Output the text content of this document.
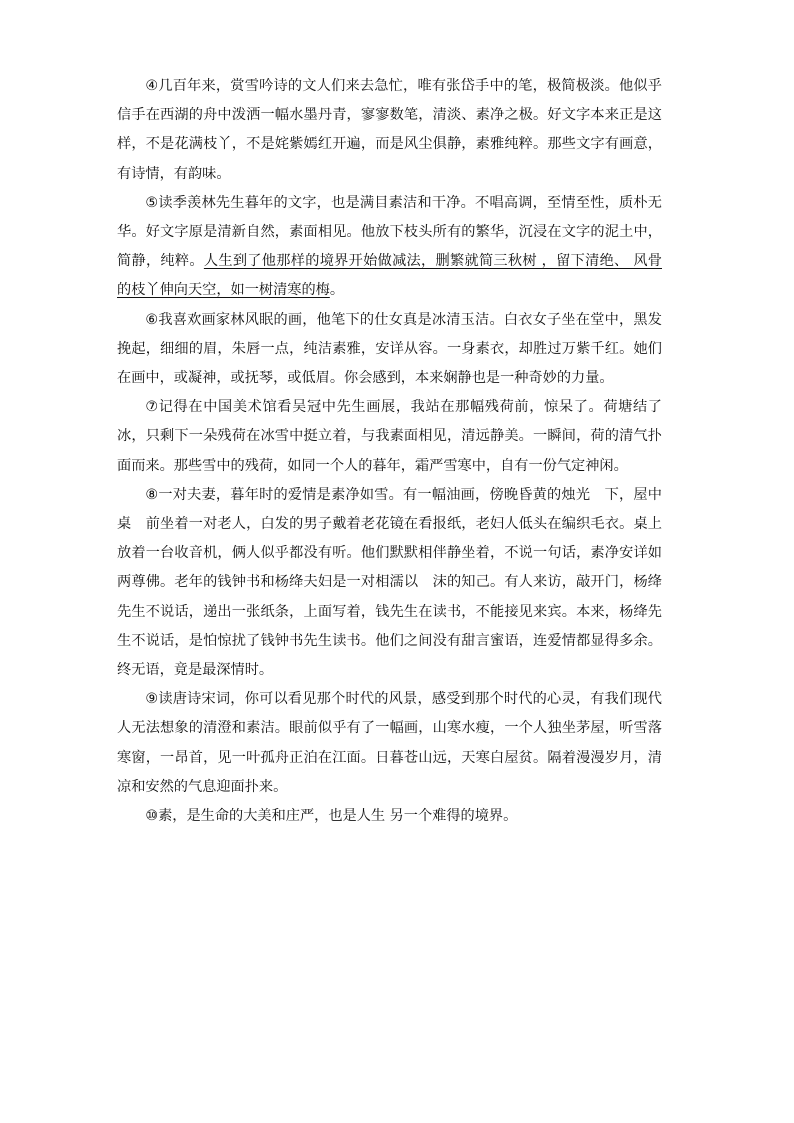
④几百年来，赏雪吟诗的文人们来去急忙，唯有张岱手中的笔，极简极淡。他似乎信手在西湖的舟中泼洒一幅水墨丹青，寥寥数笔，清淡、素净之极。好文字本来正是这样，不是花满枝丫，不是姹紫嫣红开遍，而是风尘俱静，素雅纯粹。那些文字有画意，有诗情，有韵味。

⑤读季羡林先生暮年的文字，也是满目素洁和干净。不唱高调，至情至性，质朴无华。好文字原是清新自然，素面相见。他放下枝头所有的繁华，沉浸在文字的泥土中，简静，纯粹。人生到了他那样的境界开始做减法，删繁就简三秋树 ，留下清绝、 风骨的枝丫伸向天空，如一树清寒的梅。

⑥我喜欢画家林风眠的画，他笔下的仕女真是冰清玉洁。白衣女子坐在堂中，黑发挽起，细细的眉，朱唇一点，纯洁素雅，安详从容。一身素衣，却胜过万紫千红。她们在画中，或凝神，或抚琴，或低眉。你会感到，本来娴静也是一种奇妙的力量。

⑦记得在中国美术馆看吴冠中先生画展，我站在那幅残荷前，惊呆了。荷塘结了冰，只剩下一朵残荷在冰雪中挺立着，与我素面相见，清远静美。一瞬间，荷的清气扑面而来。那些雪中的残荷，如同一个人的暮年，霜严雪寒中，自有一份气定神闲。

⑧一对夫妻，暮年时的爱情是素净如雪。有一幅油画，傍晚昏黄的烛光　下，屋中桌　前坐着一对老人，白发的男子戴着老花镜在看报纸，老妇人低头在编织毛衣。桌上放着一台收音机，俩人似乎都没有听。他们默默相伴静坐着，不说一句话，素净安详如两尊佛。老年的钱钟书和杨绛夫妇是一对相濡以　沫的知己。有人来访，敲开门，杨绛先生不说话，递出一张纸条，上面写着，钱先生在读书，不能接见来宾。本来，杨绛先生不说话，是怕惊扰了钱钟书先生读书。他们之间没有甜言蜜语，连爱情都显得多余。终无语，竟是最深情时。

⑨读唐诗宋词，你可以看见那个时代的风景，感受到那个时代的心灵，有我们现代人无法想象的清澄和素洁。眼前似乎有了一幅画，山寒水瘦，一个人独坐茅屋，听雪落寒窗，一昂首，见一叶孤舟正泊在江面。日暮苍山远，天寒白屋贫。隔着漫漫岁月，清凉和安然的气息迎面扑来。

⑩素，是生命的大美和庄严，也是人生 另一个难得的境界。
